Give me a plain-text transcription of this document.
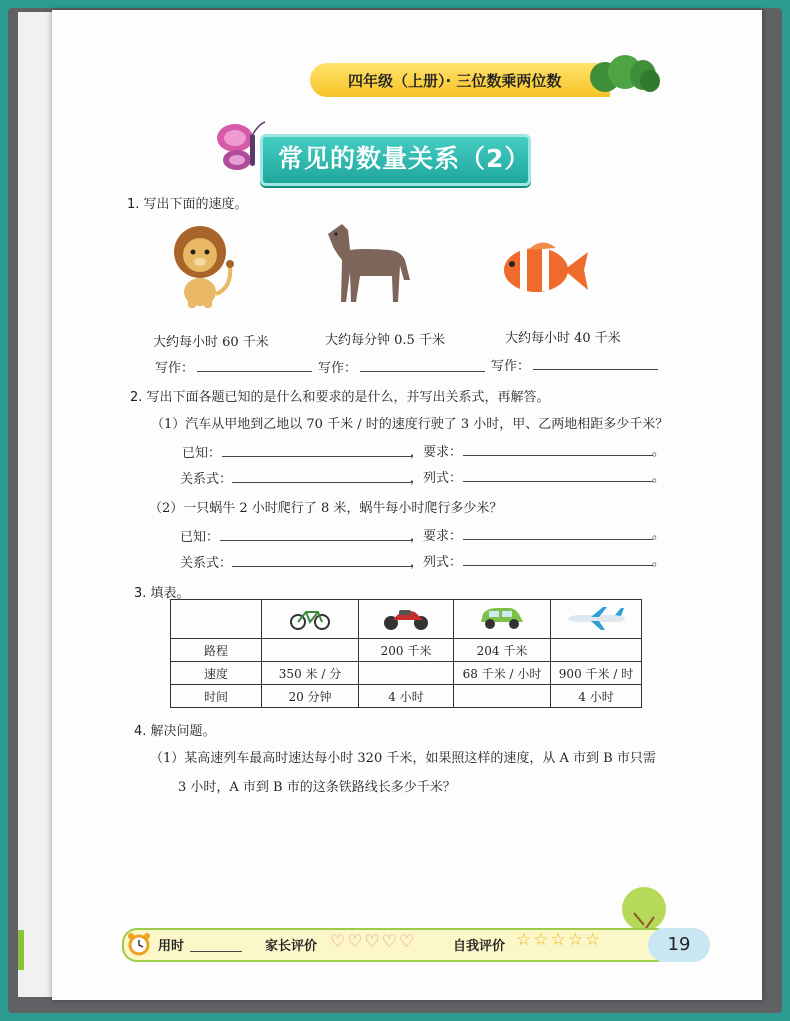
四年级（上册）· 三位数乘两位数
常见的数量关系（2）
1. 写出下面的速度。
大约每小时 60 千米	大约每分钟 0.5 千米	大约每小时 40 千米
写作：	写作：	写作：
2. 写出下面各题已知的是什么和要求的是什么，并写出关系式，再解答。
（1）汽车从甲地到乙地以 70 千米 / 时的速度行驶了 3 小时，甲、乙两地相距多少千米？
已知：	，要求：	。
关系式：	，列式：	。
（2）一只蜗牛 2 小时爬行了 8 米，蜗牛每小时爬行多少米？
已知：	，要求：	。
关系式：	，列式：	。
3. 填表。

路程		200 千米	204 千米	
速度	350 米 / 分		68 千米 / 小时	900 千米 / 时
时间	20 分钟	4 小时		4 小时
4. 解决问题。
（1）某高速列车最高时速达每小时 320 千米，如果照这样的速度，从 A 市到 B 市只需
3 小时，A 市到 B 市的这条铁路线长多少千米？
用时	家长评价 ♡♡♡♡♡	自我评价 ☆☆☆☆☆	19
